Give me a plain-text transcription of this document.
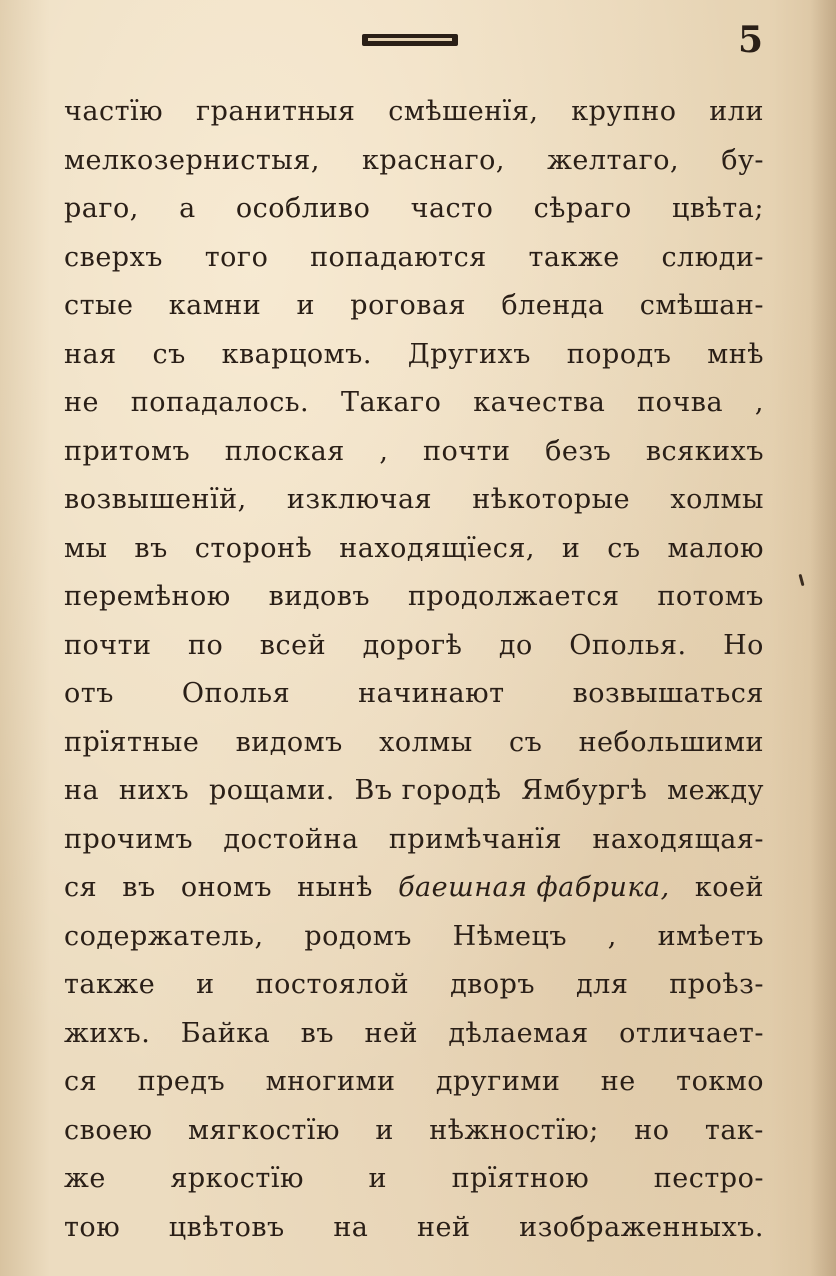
5
частїю гранитныя смѣшенїя, крупно или
мелкозернистыя, краснаго, желтаго, бу-
раго, а особливо часто сѣраго цвѣта;
сверхъ того попадаются также слюди-
стые камни и роговая бленда смѣшан-
ная съ кварцомъ. Другихъ породъ мнѣ
не попадалось. Такаго качества почва ,
притомъ плоская , почти безъ всякихъ
возвышенїй, изключая нѣкоторые холмы
мы въ сторонѣ находящїеся, и съ малою
перемѣною видовъ продолжается потомъ
почти по всей дорогѣ до Ополья. Но
отъ	Ополья	начинают	возвышаться
прїятные видомъ холмы съ небольшими
на нихъ рощами. Въ городѣ Ямбургѣ между
прочимъ достойна примѣчанїя находящая-
ся въ ономъ нынѣ баешная фабрика, коей
содержатель, родомъ Нѣмецъ , имѣетъ
также и постоялой дворъ для проѣз-
жихъ. Байка въ ней дѣлаемая отличает-
ся предъ многими другими не токмо
своею мягкостїю и нѣжностїю; но так-
же яркостїю и прїятною пестро-
тою цвѣтовъ на ней изображенныхъ.
